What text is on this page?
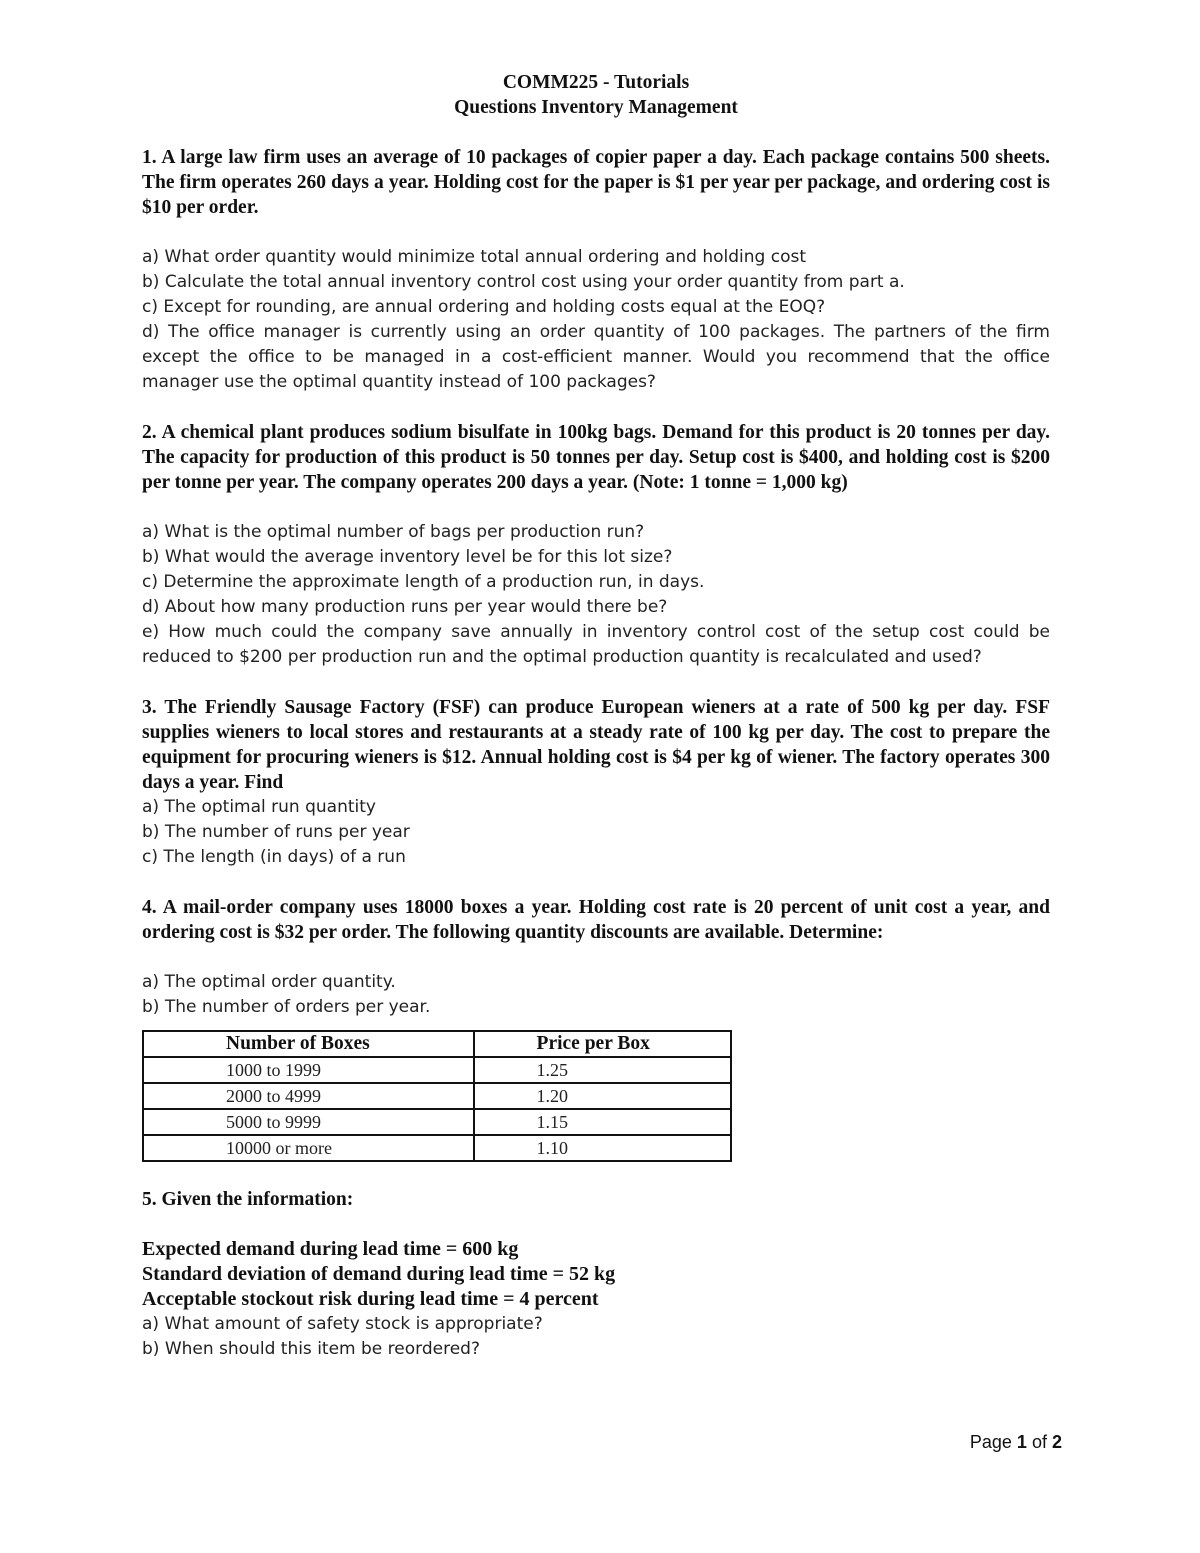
COMM225 - Tutorials
Questions Inventory Management
1. A large law firm uses an average of 10 packages of copier paper a day. Each package contains 500 sheets. The firm operates 260 days a year. Holding cost for the paper is $1 per year per package, and ordering cost is $10 per order.
a) What order quantity would minimize total annual ordering and holding cost
b) Calculate the total annual inventory control cost using your order quantity from part a.
c) Except for rounding, are annual ordering and holding costs equal at the EOQ?
d) The office manager is currently using an order quantity of 100 packages. The partners of the firm except the office to be managed in a cost-efficient manner. Would you recommend that the office manager use the optimal quantity instead of 100 packages?
2. A chemical plant produces sodium bisulfate in 100kg bags. Demand for this product is 20 tonnes per day. The capacity for production of this product is 50 tonnes per day. Setup cost is $400, and holding cost is $200 per tonne per year. The company operates 200 days a year. (Note: 1 tonne = 1,000 kg)
a) What is the optimal number of bags per production run?
b) What would the average inventory level be for this lot size?
c) Determine the approximate length of a production run, in days.
d) About how many production runs per year would there be?
e) How much could the company save annually in inventory control cost of the setup cost could be reduced to $200 per production run and the optimal production quantity is recalculated and used?
3. The Friendly Sausage Factory (FSF) can produce European wieners at a rate of 500 kg per day. FSF supplies wieners to local stores and restaurants at a steady rate of 100 kg per day. The cost to prepare the equipment for procuring wieners is $12. Annual holding cost is $4 per kg of wiener. The factory operates 300 days a year. Find
a) The optimal run quantity
b) The number of runs per year
c) The length (in days) of a run
4. A mail-order company uses 18000 boxes a year. Holding cost rate is 20 percent of unit cost a year, and ordering cost is $32 per order. The following quantity discounts are available. Determine:
a) The optimal order quantity.
b) The number of orders per year.
Number of Boxes	Price per Box
1000 to 1999	1.25
2000 to 4999	1.20
5000 to 9999	1.15
10000 or more	1.10
5. Given the information:
Expected demand during lead time = 600 kg
Standard deviation of demand during lead time = 52 kg
Acceptable stockout risk during lead time = 4 percent
a) What amount of safety stock is appropriate?
b) When should this item be reordered?
Page 1 of 2
